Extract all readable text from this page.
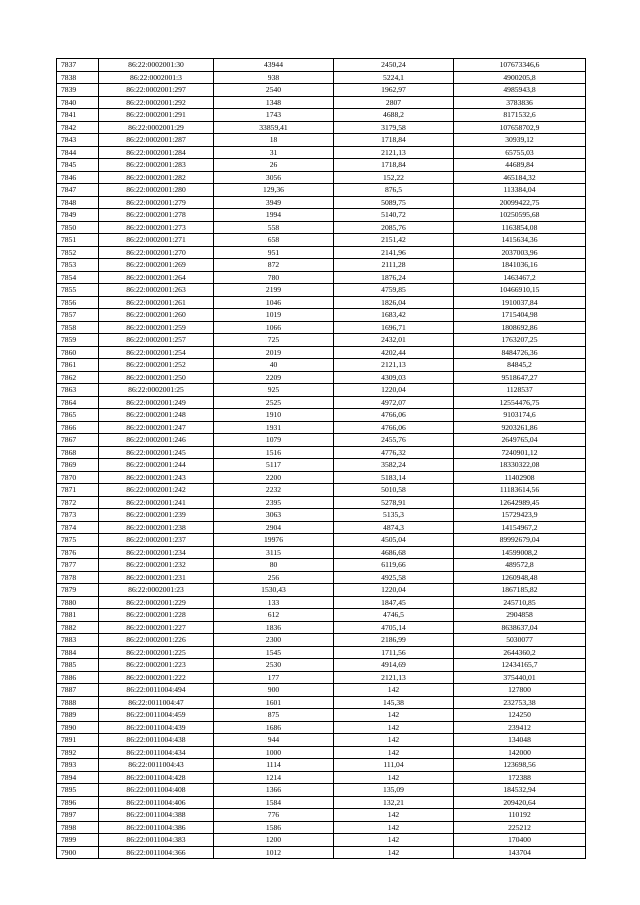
7837	86:22:0002001:30	43944	2450,24	107673346,6
7838	86:22:0002001:3	938	5224,1	4900205,8
7839	86:22:0002001:297	2540	1962,97	4985943,8
7840	86:22:0002001:292	1348	2807	3783836
7841	86:22:0002001:291	1743	4688,2	8171532,6
7842	86:22:0002001:29	33859,41	3179,58	107658702,9
7843	86:22:0002001:287	18	1718,84	30939,12
7844	86:22:0002001:284	31	2121,13	65755,03
7845	86:22:0002001:283	26	1718,84	44689,84
7846	86:22:0002001:282	3056	152,22	465184,32
7847	86:22:0002001:280	129,36	876,5	113384,04
7848	86:22:0002001:279	3949	5089,75	20099422,75
7849	86:22:0002001:278	1994	5140,72	10250595,68
7850	86:22:0002001:273	558	2085,76	1163854,08
7851	86:22:0002001:271	658	2151,42	1415634,36
7852	86:22:0002001:270	951	2141,96	2037003,96
7853	86:22:0002001:269	872	2111,28	1841036,16
7854	86:22:0002001:264	780	1876,24	1463467,2
7855	86:22:0002001:263	2199	4759,85	10466910,15
7856	86:22:0002001:261	1046	1826,04	1910037,84
7857	86:22:0002001:260	1019	1683,42	1715404,98
7858	86:22:0002001:259	1066	1696,71	1808692,86
7859	86:22:0002001:257	725	2432,01	1763207,25
7860	86:22:0002001:254	2019	4202,44	8484726,36
7861	86:22:0002001:252	40	2121,13	84845,2
7862	86:22:0002001:250	2209	4309,03	9518647,27
7863	86:22:0002001:25	925	1220,04	1128537
7864	86:22:0002001:249	2525	4972,07	12554476,75
7865	86:22:0002001:248	1910	4766,06	9103174,6
7866	86:22:0002001:247	1931	4766,06	9203261,86
7867	86:22:0002001:246	1079	2455,76	2649765,04
7868	86:22:0002001:245	1516	4776,32	7240901,12
7869	86:22:0002001:244	5117	3582,24	18330322,08
7870	86:22:0002001:243	2200	5183,14	11402908
7871	86:22:0002001:242	2232	5010,58	11183614,56
7872	86:22:0002001:241	2395	5278,91	12642989,45
7873	86:22:0002001:239	3063	5135,3	15729423,9
7874	86:22:0002001:238	2904	4874,3	14154967,2
7875	86:22:0002001:237	19976	4505,04	89992679,04
7876	86:22:0002001:234	3115	4686,68	14599008,2
7877	86:22:0002001:232	80	6119,66	489572,8
7878	86:22:0002001:231	256	4925,58	1260948,48
7879	86:22:0002001:23	1530,43	1220,04	1867185,82
7880	86:22:0002001:229	133	1847,45	245710,85
7881	86:22:0002001:228	612	4746,5	2904858
7882	86:22:0002001:227	1836	4705,14	8638637,04
7883	86:22:0002001:226	2300	2186,99	5030077
7884	86:22:0002001:225	1545	1711,56	2644360,2
7885	86:22:0002001:223	2530	4914,69	12434165,7
7886	86:22:0002001:222	177	2121,13	375440,01
7887	86:22:0011004:494	900	142	127800
7888	86:22:0011004:47	1601	145,38	232753,38
7889	86:22:0011004:459	875	142	124250
7890	86:22:0011004:439	1686	142	239412
7891	86:22:0011004:438	944	142	134048
7892	86:22:0011004:434	1000	142	142000
7893	86:22:0011004:43	1114	111,04	123698,56
7894	86:22:0011004:428	1214	142	172388
7895	86:22:0011004:408	1366	135,09	184532,94
7896	86:22:0011004:406	1584	132,21	209420,64
7897	86:22:0011004:388	776	142	110192
7898	86:22:0011004:386	1586	142	225212
7899	86:22:0011004:383	1200	142	170400
7900	86:22:0011004:366	1012	142	143704
